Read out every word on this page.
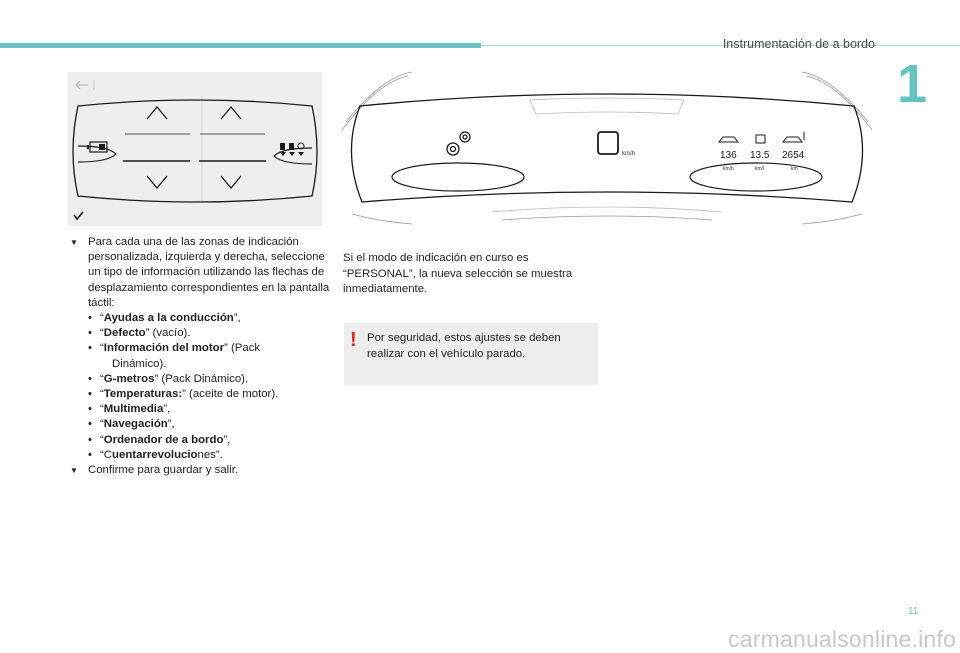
Instrumentación de a bordo
1
km/h	136 13.5 2654
km/h	km/l	km
▼ Para cada una de las zonas de indicación personalizada, izquierda y derecha, seleccione un tipo de información utilizando las flechas de desplazamiento correspondientes en la pantalla táctil:
• “Ayudas a la conducción”,
• “Defecto” (vacío).
• “Información del motor” (Pack
Dinámico).
• “G-metros” (Pack Dinámico).
• “Temperaturas:” (aceite de motor).
• “Multimedia”,
• “Navegación”,
• “Ordenador de a bordo”,
• “Cuentarrevoluciones”.
▼ Confirme para guardar y salir.
Si el modo de indicación en curso es “PERSONAL”, la nueva selección se muestra inmediatamente.
! Por seguridad, estos ajustes se deben realizar con el vehículo parado.
11
carmanualsonline.info
